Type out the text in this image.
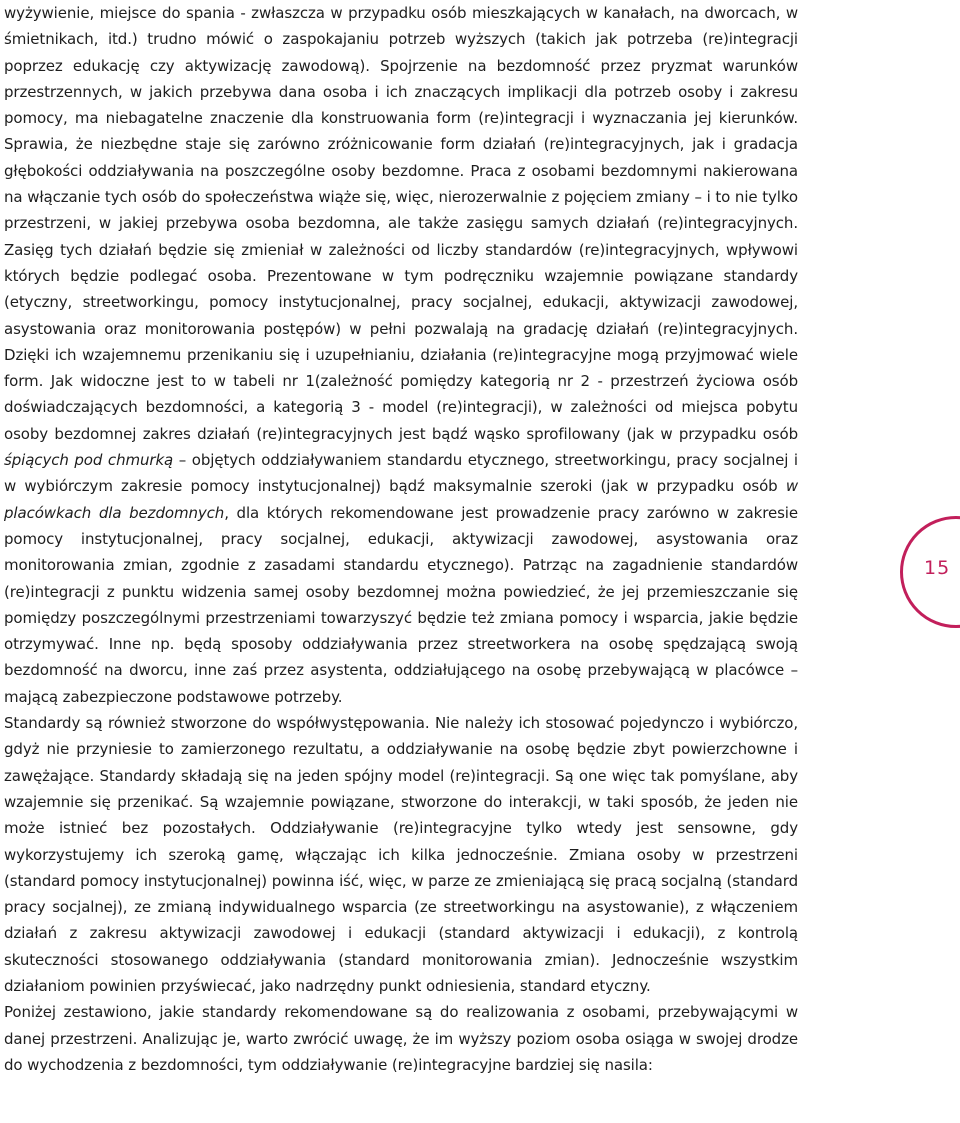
wyżywienie, miejsce do spania - zwłaszcza w przypadku osób mieszkających w kanałach, na dworcach, w śmietnikach, itd.) trudno mówić o zaspokajaniu potrzeb wyższych (takich jak potrzeba (re)integracji poprzez edukację czy aktywizację zawodową). Spojrzenie na bezdomność przez pryzmat warunków przestrzennych, w jakich przebywa dana osoba i ich znaczących implikacji dla potrzeb osoby i zakresu pomocy, ma niebagatelne znaczenie dla konstruowania form (re)integracji i wyznaczania jej kierunków. Sprawia, że niezbędne staje się zarówno zróżnicowanie form działań (re)integracyjnych, jak i gradacja głębokości oddziaływania na poszczególne osoby bezdomne. Praca z osobami bezdomnymi nakierowana na włączanie tych osób do społeczeństwa wiąże się, więc, nierozerwalnie z pojęciem zmiany – i to nie tylko przestrzeni, w jakiej przebywa osoba bezdomna, ale także zasięgu samych działań (re)integracyjnych. Zasięg tych działań będzie się zmieniał w zależności od liczby standardów (re)integracyjnych, wpływowi których będzie podlegać osoba. Prezentowane w tym podręczniku wzajemnie powiązane standardy (etyczny, streetworkingu, pomocy instytucjonalnej, pracy socjalnej, edukacji, aktywizacji zawodowej, asystowania oraz monitorowania postępów) w pełni pozwalają na gradację działań (re)integracyjnych. Dzięki ich wzajemnemu przenikaniu się i uzupełnianiu, działania (re)integracyjne mogą przyjmować wiele form. Jak widoczne jest to w tabeli nr 1(zależność pomiędzy kategorią nr 2 - przestrzeń życiowa osób doświadczających bezdomności, a kategorią 3 - model (re)integracji), w zależności od miejsca pobytu osoby bezdomnej zakres działań (re)integracyjnych jest bądź wąsko sprofilowany (jak w przypadku osób śpiących pod chmurką – objętych oddziaływaniem standardu etycznego, streetworkingu, pracy socjalnej i w wybiórczym zakresie pomocy instytucjonalnej) bądź maksymalnie szeroki (jak w przypadku osób w placówkach dla bezdomnych, dla których rekomendowane jest prowadzenie pracy zarówno w zakresie pomocy instytucjonalnej, pracy socjalnej, edukacji, aktywizacji zawodowej, asystowania oraz monitorowania zmian, zgodnie z zasadami standardu etycznego). Patrząc na zagadnienie standardów (re)integracji z punktu widzenia samej osoby bezdomnej można powiedzieć, że jej przemieszczanie się pomiędzy poszczególnymi przestrzeniami towarzyszyć będzie też zmiana pomocy i wsparcia, jakie będzie otrzymywać. Inne np. będą sposoby oddziaływania przez streetworkera na osobę spędzającą swoją bezdomność na dworcu, inne zaś przez asystenta, oddziałującego na osobę przebywającą w placówce – mającą zabezpieczone podstawowe potrzeby.

Standardy są również stworzone do współwystępowania. Nie należy ich stosować pojedynczo i wybiórczo, gdyż nie przyniesie to zamierzonego rezultatu, a oddziaływanie na osobę będzie zbyt powierzchowne i zawężające. Standardy składają się na jeden spójny model (re)integracji. Są one więc tak pomyślane, aby wzajemnie się przenikać. Są wzajemnie powiązane, stworzone do interakcji, w taki sposób, że jeden nie może istnieć bez pozostałych. Oddziaływanie (re)integracyjne tylko wtedy jest sensowne, gdy wykorzystujemy ich szeroką gamę, włączając ich kilka jednocześnie. Zmiana osoby w przestrzeni (standard pomocy instytucjonalnej) powinna iść, więc, w parze ze zmieniającą się pracą socjalną (standard pracy socjalnej), ze zmianą indywidualnego wsparcia (ze streetworkingu na asystowanie), z włączeniem działań z zakresu aktywizacji zawodowej i edukacji (standard aktywizacji i edukacji), z kontrolą skuteczności stosowanego oddziaływania (standard monitorowania zmian). Jednocześnie wszystkim działaniom powinien przyświecać, jako nadrzędny punkt odniesienia, standard etyczny.

Poniżej zestawiono, jakie standardy rekomendowane są do realizowania z osobami, przebywającymi w danej przestrzeni. Analizując je, warto zwrócić uwagę, że im wyższy poziom osoba osiąga w swojej drodze do wychodzenia z bezdomności, tym oddziaływanie (re)integracyjne bardziej się nasila:

15
